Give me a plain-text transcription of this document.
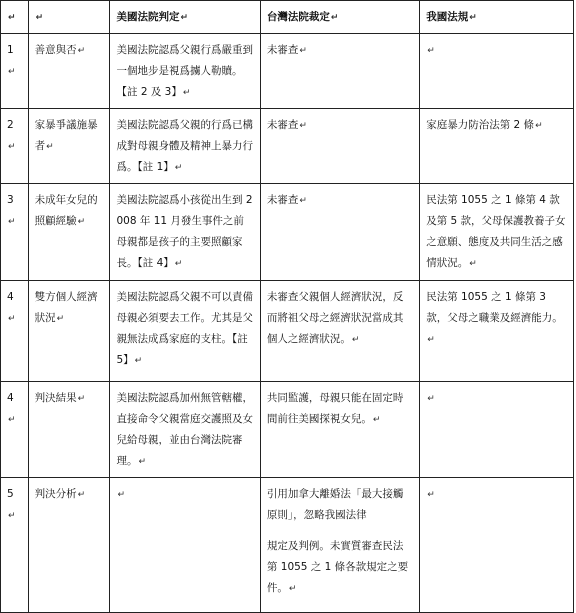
↵	↵	美國法院判定↵	台灣法院裁定↵	我國法規↵
1↵	善意與否↵	美國法院認爲父親行爲嚴重到一個地步是視爲擄人勒贖。【註 2 及 3】↵	未審查↵	↵
2↵	家暴爭議施暴者↵	美國法院認爲父親的行爲已構成對母親身體及精神上暴力行爲。【註 1】↵	未審查↵	家庭暴力防治法第 2 條↵
3↵	未成年女兒的照顧經驗↵	美國法院認爲小孩從出生到 2008 年 11 月發生事件之前母親都是孩子的主要照顧家長。【註 4】↵	未審查↵	民法第 1055 之 1 條第 4 款及第 5 款，父母保護教養子女之意願、態度及共同生活之感情狀況。↵
4↵	雙方個人經濟狀況↵	美國法院認爲父親不可以責備母親必須要去工作。尤其是父親無法成爲家庭的支柱。【註 5】↵	未審查父親個人經濟狀況，反而將祖父母之經濟狀況當成其個人之經濟狀況。↵	民法第 1055 之 1 條第 3 款，父母之職業及經濟能力。↵
4↵	判決結果↵	美國法院認爲加州無管轄權，直接命令父親當庭交護照及女兒給母親，並由台灣法院審理。↵	共同監護，母親只能在固定時間前往美國探視女兒。↵	↵
5↵	判決分析↵	↵	引用加拿大離婚法「最大接觸原則」，忽略我國法律
規定及判例。未實質審查民法第 1055 之 1 條各款規定之要件。↵	↵
